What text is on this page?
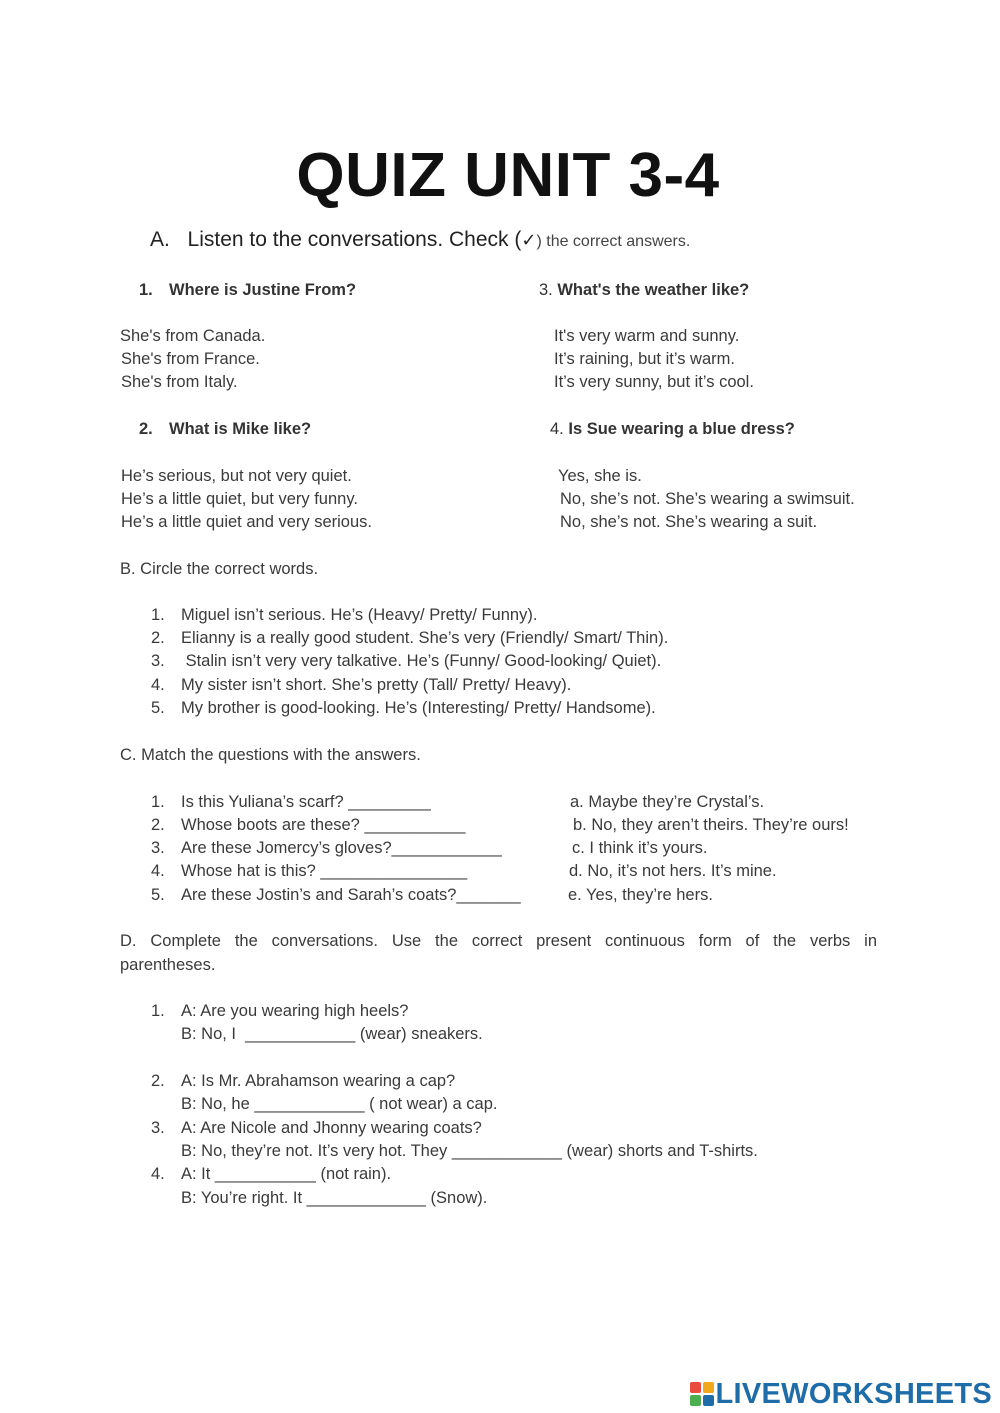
QUIZ UNIT 3-4
A. Listen to the conversations. Check (✓) the correct answers.
1. Where is Justine From?
She's from Canada.
She's from France.
She's from Italy.
2. What is Mike like?
He’s serious, but not very quiet.
He’s a little quiet, but very funny.
He’s a little quiet and very serious.
3. What's the weather like?
It's very warm and sunny.
It’s raining, but it’s warm.
It’s very sunny, but it’s cool.
4. Is Sue wearing a blue dress?
Yes, she is.
No, she’s not. She’s wearing a swimsuit.
No, she’s not. She’s wearing a suit.
B. Circle the correct words.
1. Miguel isn’t serious. He’s (Heavy/ Pretty/ Funny).
2. Elianny is a really good student. She’s very (Friendly/ Smart/ Thin).
3. Stalin isn’t very very talkative. He’s (Funny/ Good-looking/ Quiet).
4. My sister isn’t short. She’s pretty (Tall/ Pretty/ Heavy).
5. My brother is good-looking. He’s (Interesting/ Pretty/ Handsome).
C. Match the questions with the answers.
1. Is this Yuliana’s scarf? _________
2. Whose boots are these? ___________
3. Are these Jomercy’s gloves?____________
4. Whose hat is this? ________________
5. Are these Jostin’s and Sarah’s coats?_______
a. Maybe they’re Crystal’s.
b. No, they aren’t theirs. They’re ours!
c. I think it’s yours.
d. No, it’s not hers. It’s mine.
e. Yes, they’re hers.
D. Complete the conversations. Use the correct present continuous form of the verbs in
parentheses.
1. A: Are you wearing high heels?
B: No, I  ____________ (wear) sneakers.
2. A: Is Mr. Abrahamson wearing a cap?
B: No, he ____________ ( not wear) a cap.
3. A: Are Nicole and Jhonny wearing coats?
B: No, they’re not. It’s very hot. They ____________ (wear) shorts and T-shirts.
4. A: It ___________ (not rain).
B: You’re right. It _____________ (Snow).
LIVEWORKSHEETS
